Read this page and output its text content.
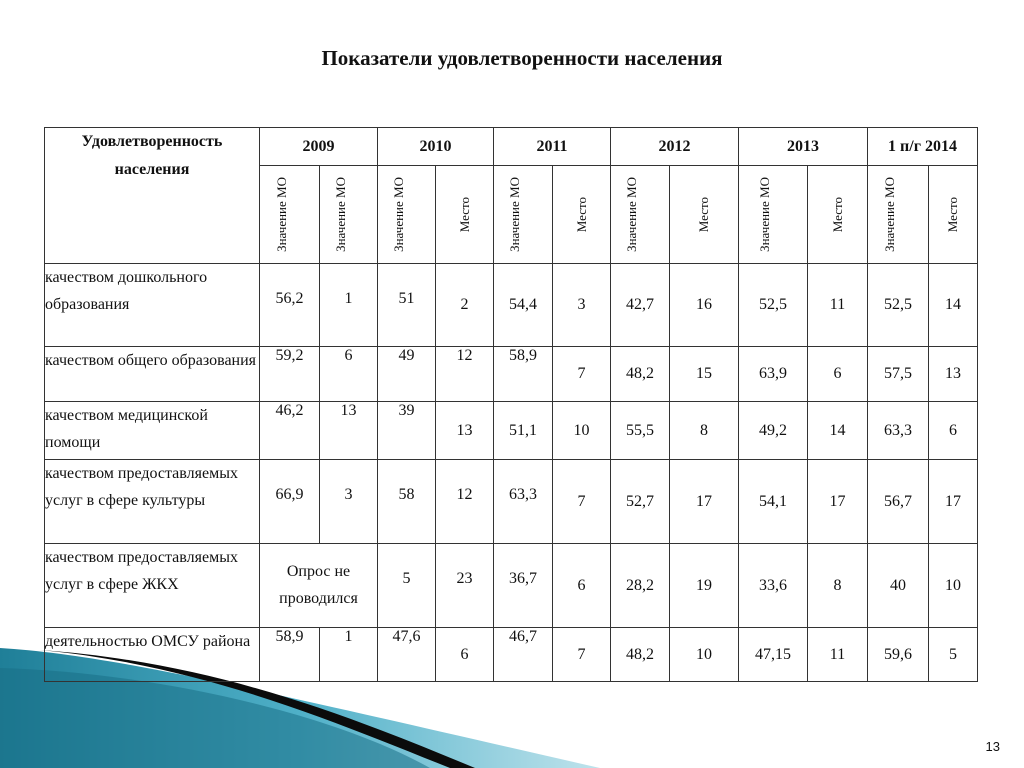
Показатели удовлетворенности населения
Удовлетворенность населения	2009		2010		2011		2012		2013		1 п/г 2014	

	Значение МО	Значение МО	Значение МО	Место	Значение МО	Место	Значение МО	Место	Значение МО	Место	Значение МО	Место

качеством дошкольного образования	56,2	1	51	2	54,4	3	42,7	16	52,5	11	52,5	14
качеством общего образования	59,2	6	49	12	58,9	7	48,2	15	63,9	6	57,5	13
качеством медицинской помощи	46,2	13	39	13	51,1	10	55,5	8	49,2	14	63,3	6
качеством предоставляемых услуг в сфере культуры	66,9	3	58	12	63,3	7	52,7	17	54,1	17	56,7	17
качеством предоставляемых услуг в сфере ЖКХ	Опрос не проводился		5	23	36,7	6	28,2	19	33,6	8	40	10
деятельностью ОМСУ района	58,9	1	47,6	6	46,7	7	48,2	10	47,15	11	59,6	5
13
